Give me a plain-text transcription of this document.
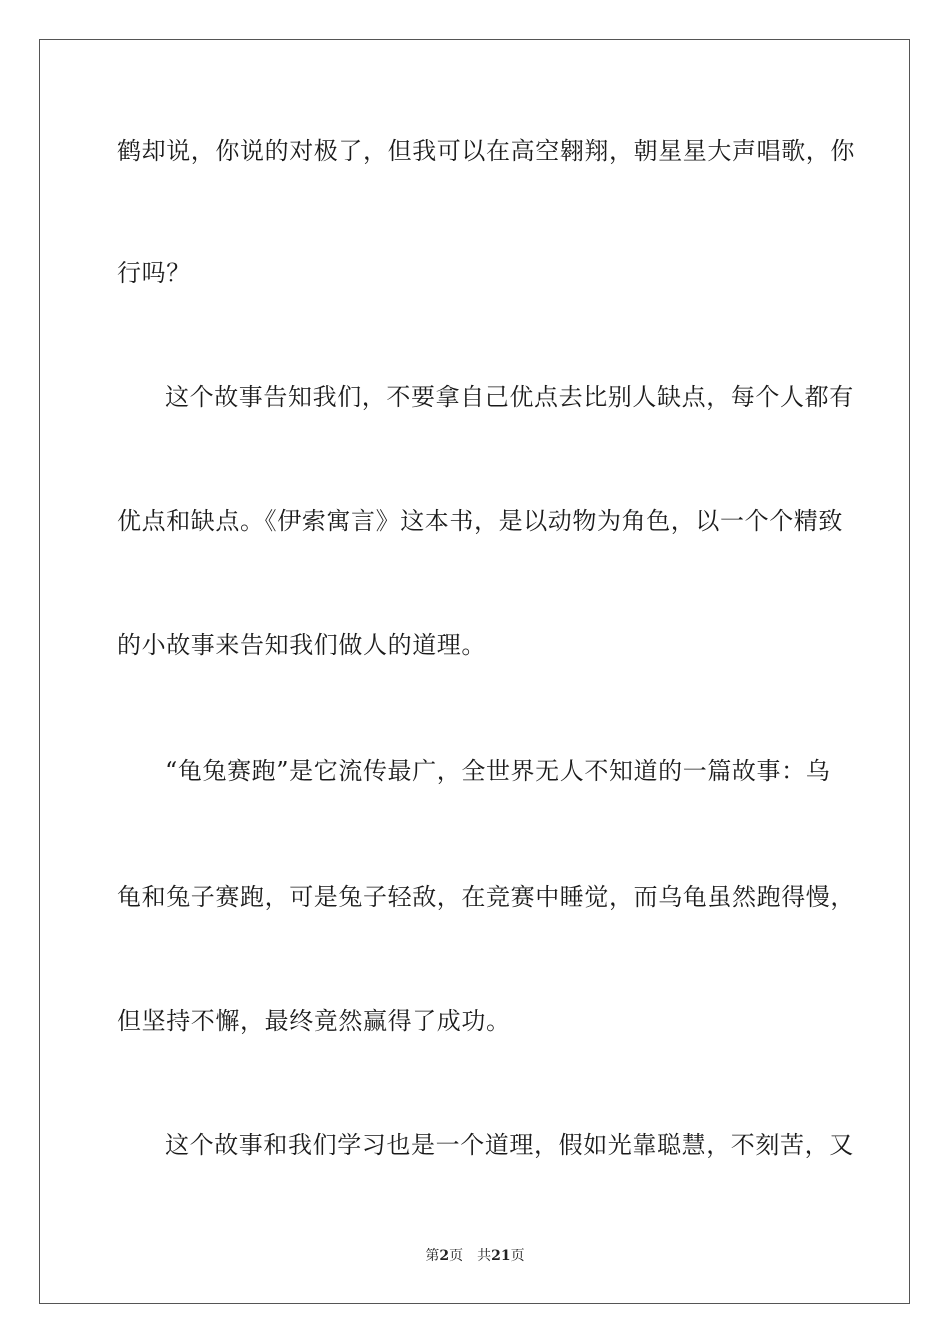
鹤却说，你说的对极了，但我可以在高空翱翔，朝星星大声唱歌，你
行吗？
这个故事告知我们，不要拿自己优点去比别人缺点，每个人都有
优点和缺点。《伊索寓言》这本书，是以动物为角色，以一个个精致
的小故事来告知我们做人的道理。
“龟兔赛跑”是它流传最广，全世界无人不知道的一篇故事：乌
龟和兔子赛跑，可是兔子轻敌，在竞赛中睡觉，而乌龟虽然跑得慢，
但坚持不懈，最终竟然赢得了成功。
这个故事和我们学习也是一个道理，假如光靠聪慧，不刻苦，又
第2页 共21页
